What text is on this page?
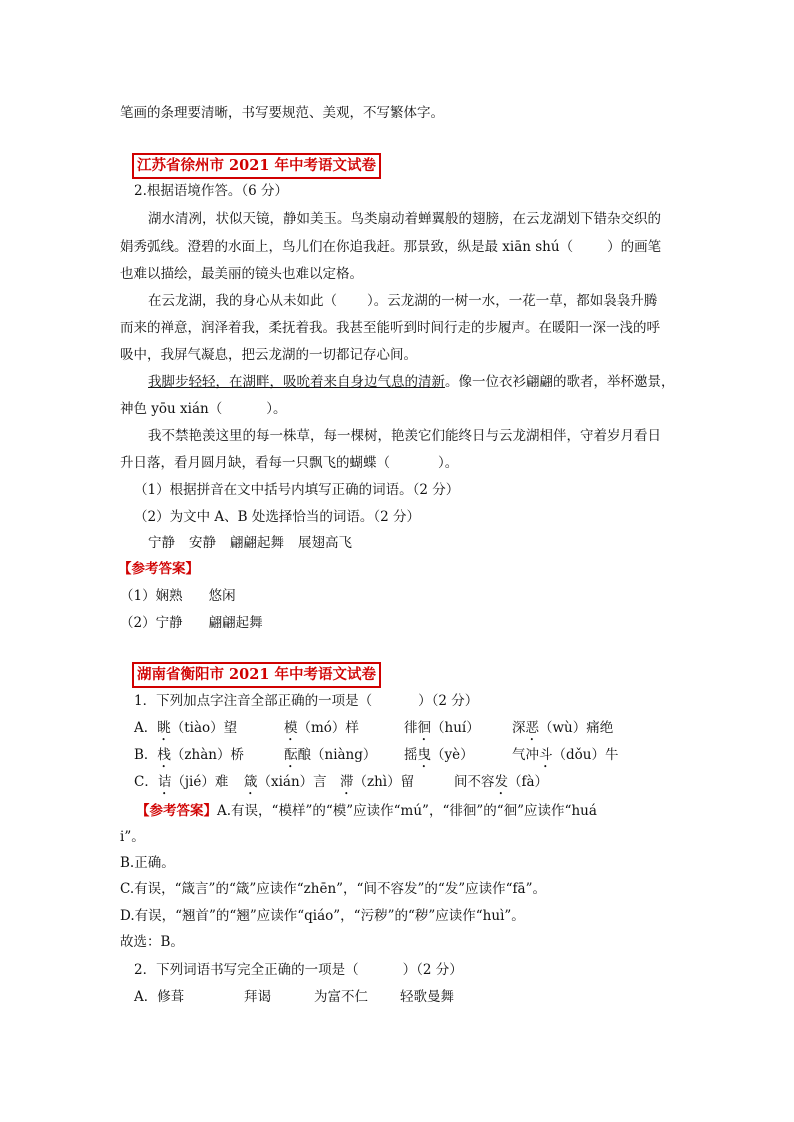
笔画的条理要清晰，书写要规范、美观，不写繁体字。
江苏省徐州市 2021 年中考语文试卷
2.根据语境作答。（6 分）
湖水清冽，状似天镜，静如美玉。鸟类扇动着蝉翼般的翅膀，在云龙湖划下错杂交织的
娟秀弧线。澄碧的水面上，鸟儿们在你追我赶。那景致，纵是最 xiān shú（	）的画笔
也难以描绘，最美丽的镜头也难以定格。
在云龙湖，我的身心从未如此（ ）。云龙湖的一树一水，一花一草，都如袅袅升腾
而来的禅意，润泽着我，柔抚着我。我甚至能听到时间行走的步履声。在暖阳一深一浅的呼
吸中，我屏气凝息，把云龙湖的一切都记存心间。
我脚步轻轻，在湖畔，吸吮着来自身边气息的清新。像一位衣衫翩翩的歌者，举杯邀景，
神色 yōu xián（	）。
我不禁艳羡这里的每一株草，每一棵树，艳羡它们能终日与云龙湖相伴，守着岁月看日
升日落，看月圆月缺，看每一只飘飞的蝴蝶（	）。
（1）根据拼音在文中括号内填写正确的词语。（2 分）
（2）为文中 A、B 处选择恰当的词语。（2 分）
宁静 安静 翩翩起舞 展翅高飞
【参考答案】
（1）娴熟 悠闲
（2）宁静 翩翩起舞
湖南省衡阳市 2021 年中考语文试卷
1．下列加点字注音全部正确的一项是（	）（2 分）
A．眺（tiào）望	模（mó）样	徘徊（huí） 深恶（wù）痛绝
B．栈（zhàn）桥	酝酿（niàng） 摇曳（yè）	气冲斗（dǒu）牛
C．诘（jié）难 箴（xián）言 滞（zhì）留	间不容发（fà）
【参考答案】A.有误，“模样”的“模”应读作“mú”，“徘徊”的“徊”应读作“huá
i”。
B.正确。
C.有误，“箴言”的“箴”应读作“zhēn”，“间不容发”的“发”应读作“fā”。
D.有误，“翘首”的“翘”应读作“qiáo”，“污秽”的“秽”应读作“huì”。
故选：B。
2．下列词语书写完全正确的一项是（	）（2 分）
A．修葺	拜谒	为富不仁 轻歌曼舞
